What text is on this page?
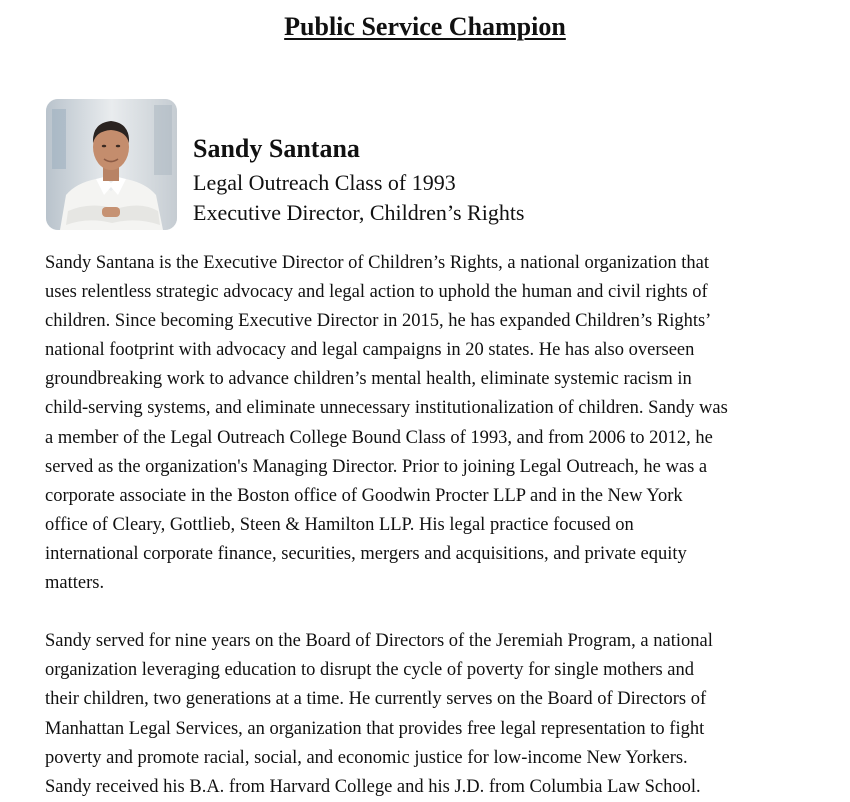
Public Service Champion
Sandy Santana
Legal Outreach Class of 1993
Executive Director, Children’s Rights

Sandy Santana is the Executive Director of Children’s Rights, a national organization that

uses relentless strategic advocacy and legal action to uphold the human and civil rights of

children. Since becoming Executive Director in 2015, he has expanded Children’s Rights’

national footprint with advocacy and legal campaigns in 20 states. He has also overseen

groundbreaking work to advance children’s mental health, eliminate systemic racism in

child-serving systems, and eliminate unnecessary institutionalization of children. Sandy was

a member of the Legal Outreach College Bound Class of 1993, and from 2006 to 2012, he

served as the organization's Managing Director. Prior to joining Legal Outreach, he was a

corporate associate in the Boston office of Goodwin Procter LLP and in the New York

office of Cleary, Gottlieb, Steen & Hamilton LLP. His legal practice focused on

international corporate finance, securities, mergers and acquisitions, and private equity

matters.

Sandy served for nine years on the Board of Directors of the Jeremiah Program, a national

organization leveraging education to disrupt the cycle of poverty for single mothers and

their children, two generations at a time. He currently serves on the Board of Directors of

Manhattan Legal Services, an organization that provides free legal representation to fight

poverty and promote racial, social, and economic justice for low-income New Yorkers.

Sandy received his B.A. from Harvard College and his J.D. from Columbia Law School.
